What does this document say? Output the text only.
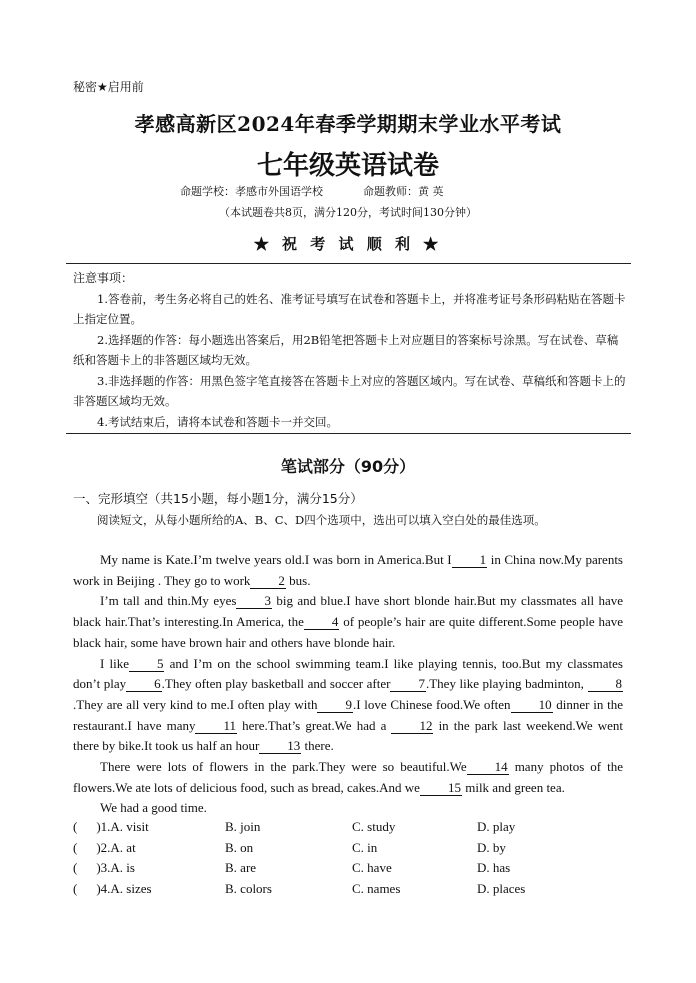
秘密★启用前
孝感高新区2024年春季学期期末学业水平考试
七年级英语试卷
命题学校：孝感市外国语学校	命题教师：黄 英
（本试题卷共8页，满分120分，考试时间130分钟）
★ 祝 考 试 顺 利 ★
注意事项：

1.答卷前，考生务必将自己的姓名、准考证号填写在试卷和答题卡上，并将准考证号条形码粘贴在答题卡上指定位置。

2.选择题的作答：每小题选出答案后，用2B铅笔把答题卡上对应题目的答案标号涂黑。写在试卷、草稿纸和答题卡上的非答题区域均无效。

3.非选择题的作答：用黑色签字笔直接答在答题卡上对应的答题区域内。写在试卷、草稿纸和答题卡上的非答题区域均无效。

4.考试结束后，请将本试卷和答题卡一并交回。

笔试部分（90分）
一、完形填空（共15小题，每小题1分，满分15分）
阅读短文，从每小题所给的A、B、C、D四个选项中，选出可以填入空白处的最佳选项。

My name is Kate.I’m twelve years old.I was born in America.But I 1 in China now.My parents work in Beijing . They go to work 2 bus.

I’m tall and thin.My eyes 3 big and blue.I have short blonde hair.But my classmates all have black hair.That’s interesting.In America, the 4 of people’s hair are quite different.Some people have black hair, some have brown hair and others have blonde hair.

I like 5 and I’m on the school swimming team.I like playing tennis, too.But my classmates don’t play 6.They often play basketball and soccer after 7.They like playing badminton, 8.They are all very kind to me.I often play with 9.I love Chinese food.We often 10 dinner in the restaurant.I have many 11 here.That’s great.We had a 12 in the park last weekend.We went there by bike.It took us half an hour 13 there.

There were lots of flowers in the park.They were so beautiful.We 14 many photos of the flowers.We ate lots of delicious food, such as bread, cakes.And we 15 milk and green tea.

We had a good time.

( )1.A. visit	B. join	C. study	D. play
( )2.A. at	B. on	C. in	D. by
( )3.A. is	B. are	C. have	D. has
( )4.A. sizes	B. colors	C. names	D. places
